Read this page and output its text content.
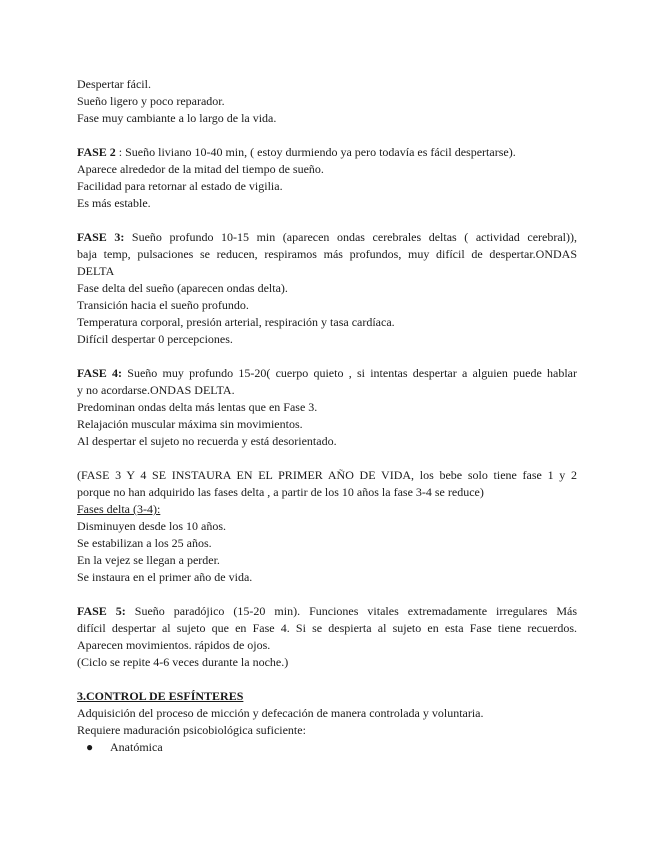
Despertar fácil.
Sueño ligero y poco reparador.
Fase muy cambiante a lo largo de la vida.
FASE 2 : Sueño liviano 10-40 min, ( estoy durmiendo ya pero todavía es fácil despertarse).
Aparece alrededor de la mitad del tiempo de sueño.
Facilidad para retornar al estado de vigilia.
Es más estable.
FASE 3: Sueño profundo 10-15 min (aparecen ondas cerebrales deltas ( actividad cerebral)),
baja temp, pulsaciones se reducen, respiramos más profundos, muy difícil de despertar.ONDAS
DELTA
Fase delta del sueño (aparecen ondas delta).
Transición hacia el sueño profundo.
Temperatura corporal, presión arterial, respiración y tasa cardíaca.
Difícil despertar 0 percepciones.
FASE 4: Sueño muy profundo 15-20( cuerpo quieto , si intentas despertar a alguien puede hablar
y no acordarse.ONDAS DELTA.
Predominan ondas delta más lentas que en Fase 3.
Relajación muscular máxima sin movimientos.
Al despertar el sujeto no recuerda y está desorientado.
(FASE 3 Y 4 SE INSTAURA EN EL PRIMER AÑO DE VIDA, los bebe solo tiene fase 1 y 2
porque no han adquirido las fases delta , a partir de los 10 años la fase 3-4 se reduce)
Fases delta (3-4):
Disminuyen desde los 10 años.
Se estabilizan a los 25 años.
En la vejez se llegan a perder.
Se instaura en el primer año de vida.
FASE 5: Sueño paradójico (15-20 min). Funciones vitales extremadamente irregulares Más
difícil despertar al sujeto que en Fase 4. Si se despierta al sujeto en esta Fase tiene recuerdos.
Aparecen movimientos. rápidos de ojos.
(Ciclo se repite 4-6 veces durante la noche.)
3.CONTROL DE ESFÍNTERES
Adquisición del proceso de micción y defecación de manera controlada y voluntaria.
Requiere maduración psicobiológica suficiente:
● Anatómica
